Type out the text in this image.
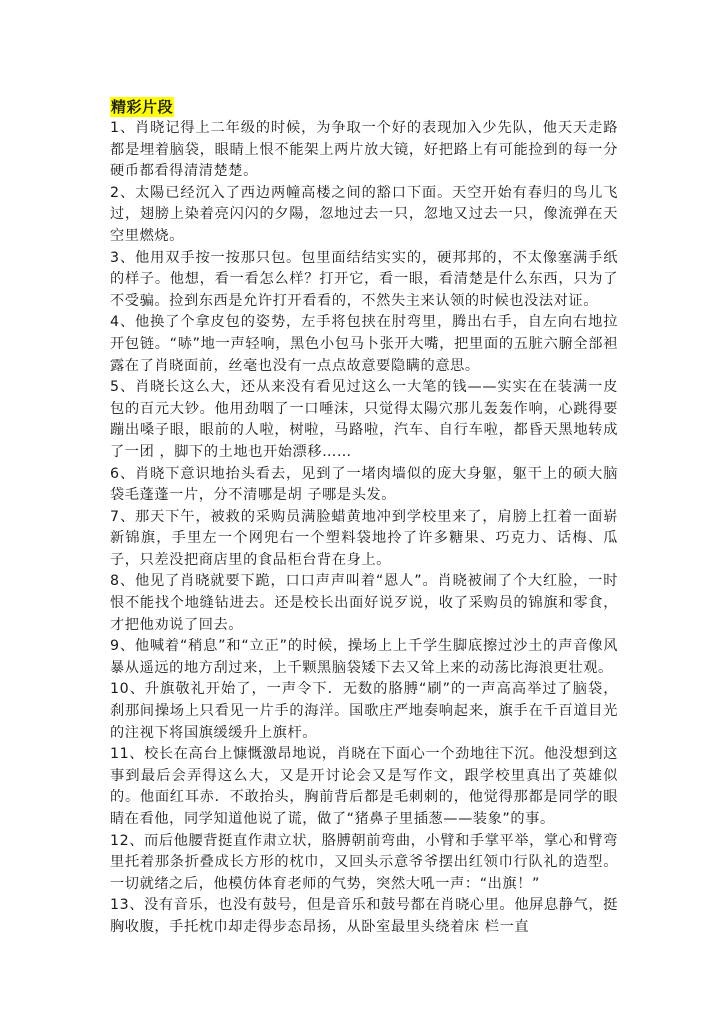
精彩片段

1、肖晓记得上二年级的时候，为争取一个好的表现加入少先队，他天天走路都是埋着脑袋，眼睛上恨不能架上两片放大镜，好把路上有可能捡到的每一分硬币都看得清清楚楚。

2、太陽已经沉入了西边两幢高楼之间的豁口下面。天空开始有春归的鸟儿飞过，翅膀上染着亮闪闪的夕陽，忽地过去一只，忽地又过去一只，像流弹在天空里燃烧。

3、他用双手按一按那只包。包里面结结实实的，硬邦邦的，不太像塞满手纸的样子。他想，看一看怎么样？打开它，看一眼，看清楚是什么东西，只为了不受骗。捡到东西是允许打开看看的，不然失主来认领的时候也没法对证。

4、他换了个拿皮包的姿势，左手将包挟在肘弯里，腾出右手，自左向右地拉开包链。“哧”地一声轻响，黑色小包马卜张开大嘴，把里面的五脏六腑全部袒露在了肖晓面前，丝毫也没有一点点故意要隐瞒的意思。

5、肖晓长这么大，还从来没有看见过这么一大笔的钱——实实在在装满一皮包的百元大钞。他用劲咽了一口唾沫，只觉得太陽穴那儿轰轰作响，心跳得要蹦出嗓子眼，眼前的人啦，树啦，马路啦，汽车、自行车啦，都昏天黑地转成了一团 ，脚下的土地也开始漂移……

6、肖晓下意识地抬头看去，见到了一堵肉墙似的庞大身躯，躯干上的硕大脑袋毛蓬蓬一片，分不清哪是胡 子哪是头发。

7、那天下午，被救的采购员满脸蜡黄地冲到学校里来了，肩膀上扛着一面崭新锦旗，手里左一个网兜右一个塑料袋地拎了许多糖果、巧克力、话梅、瓜子，只差没把商店里的食品柜台背在身上。

8、他见了肖晓就要下跪，口口声声叫着“恩人”。肖晓被闹了个大红脸，一时恨不能找个地缝钻进去。还是校长出面好说歹说，收了采购员的锦旗和零食，才把他劝说了回去。

9、他喊着“稍息”和“立正”的时候，操场上上千学生脚底擦过沙土的声音像风暴从遥远的地方刮过来，上千颗黑脑袋矮下去又耸上来的动荡比海浪更壮观。

10、升旗敬礼开始了，一声令下．无数的胳膊“刷”的一声高高举过了脑袋，刹那间操场上只看见一片手的海洋。国歌庄严地奏响起来，旗手在千百道目光的注视下将国旗缓缓升上旗杆。

11、校长在高台上慷慨激昂地说，肖晓在下面心一个劲地往下沉。他没想到这事到最后会弄得这么大，又是开讨论会又是写作文，跟学校里真出了英雄似的。他面红耳赤．不敢抬头，胸前背后都是毛刺刺的，他觉得那都是同学的眼睛在看他，同学知道他说了谎，做了“猪鼻子里插葱——装象”的事。

12、而后他腰背挺直作肃立状，胳膊朝前弯曲，小臂和手掌平举，掌心和臂弯里托着那条折叠成长方形的枕巾，又回头示意爷爷摆出红领巾行队礼的造型。一切就绪之后，他模仿体育老师的气势，突然大吼一声：“出旗！”

13、没有音乐，也没有鼓号，但是音乐和鼓号都在肖晓心里。他屏息静气，挺胸收腹，手托枕巾却走得步态昂扬，从卧室最里头绕着床 栏一直
